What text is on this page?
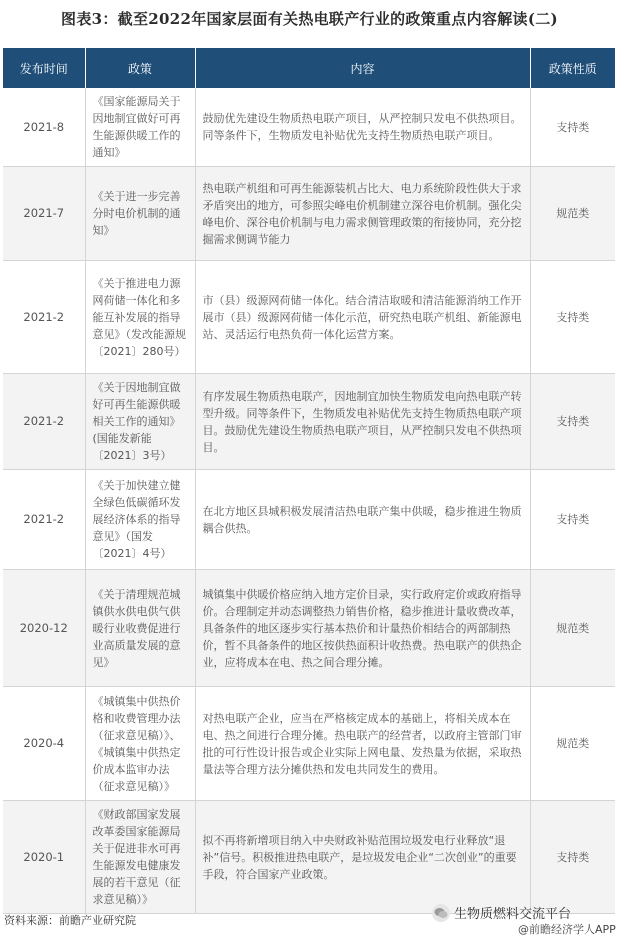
图表3：截至2022年国家层面有关热电联产行业的政策重点内容解读(二)
发布时间	政策	内容	政策性质
2021-8	《国家能源局关于因地制宜做好可再生能源供暖工作的通知》	鼓励优先建设生物质热电联产项目，从严控制只发电不供热项目。同等条件下，生物质发电补贴优先支持生物质热电联产项目。	支持类
2021-7	《关于进一步完善分时电价机制的通知》	热电联产机组和可再生能源装机占比大、电力系统阶段性供大于求矛盾突出的地方，可参照尖峰电价机制建立深谷电价机制。强化尖峰电价、深谷电价机制与电力需求侧管理政策的衔接协同，充分挖掘需求侧调节能力	规范类
2021-2	《关于推进电力源网荷储一体化和多能互补发展的指导意见》（发改能源规〔2021〕280号）	市（县）级源网荷储一体化。结合清洁取暖和清洁能源消纳工作开展市（县）级源网荷储一体化示范，研究热电联产机组、新能源电站、灵活运行电热负荷一体化运营方案。	支持类
2021-2	《关于因地制宜做好可再生能源供暖相关工作的通知》(国能发新能〔2021〕3号）	有序发展生物质热电联产，因地制宜加快生物质发电向热电联产转型升级。同等条件下，生物质发电补贴优先支持生物质热电联产项目。鼓励优先建设生物质热电联产项目，从严控制只发电不供热项目。	支持类
2021-2	《关于加快建立健全绿色低碳循环发展经济体系的指导意见》（国发〔2021〕4号）	在北方地区县城积极发展清洁热电联产集中供暖，稳步推进生物质耦合供热。	支持类
2020-12	《关于清理规范城镇供水供电供气供暖行业收费促进行业高质量发展的意见》	城镇集中供暖价格应纳入地方定价目录，实行政府定价或政府指导价。合理制定并动态调整热力销售价格，稳步推进计量收费改革，具备条件的地区逐步实行基本热价和计量热价相结合的两部制热价，暂不具备条件的地区按供热面积计收热费。热电联产的供热企业，应将成本在电、热之间合理分摊。	规范类
2020-4	《城镇集中供热价格和收费管理办法（征求意见稿）》、《城镇集中供热定价成本监审办法（征求意见稿）》	对热电联产企业，应当在严格核定成本的基础上，将相关成本在电、热之间进行合理分摊。热电联产的经营者，以政府主管部门审批的可行性设计报告或企业实际上网电量、发热量为依据，采取热量法等合理方法分摊供热和发电共同发生的费用。	规范类
2020-1	《财政部国家发展改革委国家能源局关于促进非水可再生能源发电健康发展的若干意见（征求意见稿）》	拟不再将新增项目纳入中央财政补贴范围垃圾发电行业释放“退补”信号。积极推进热电联产，是垃圾发电企业“二次创业”的重要手段，符合国家产业政策。	支持类
资料来源：前瞻产业研究院	生物质燃料交流平台
@前瞻经济学人APP
